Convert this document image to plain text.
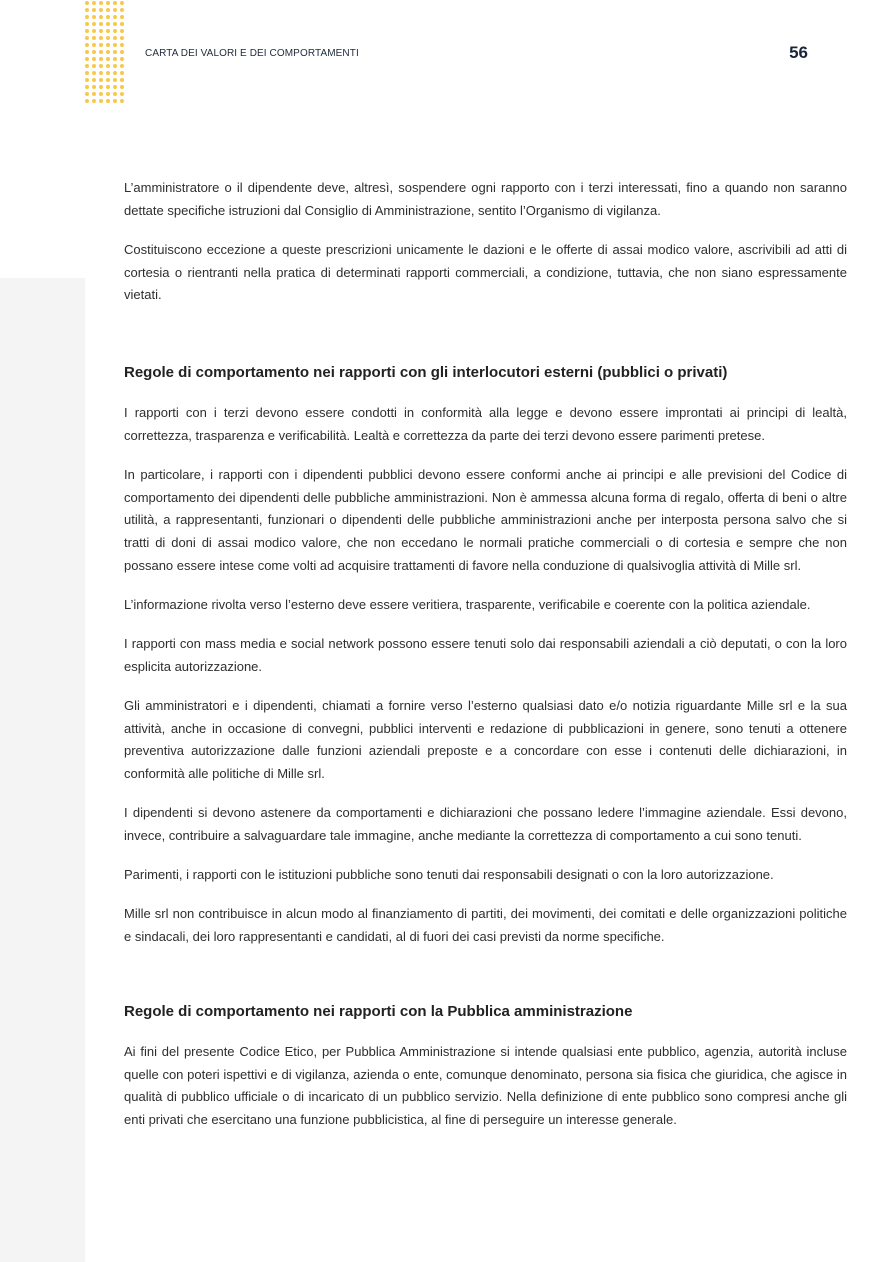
CARTA DEI VALORI E DEI COMPORTAMENTI	56

L’amministratore o il dipendente deve, altresì, sospendere ogni rapporto con i terzi interessati, fino a quando non saranno dettate specifiche istruzioni dal Consiglio di Amministrazione, sentito l’Organismo di vigilanza.

Costituiscono eccezione a queste prescrizioni unicamente le dazioni e le offerte di assai modico valore, ascrivibili ad atti di cortesia o rientranti nella pratica di determinati rapporti commerciali, a condizione, tuttavia, che non siano espressamente vietati.

Regole di comportamento nei rapporti con gli interlocutori esterni (pubblici o privati)

I rapporti con i terzi devono essere condotti in conformità alla legge e devono essere improntati ai principi di lealtà, correttezza, trasparenza e verificabilità. Lealtà e correttezza da parte dei terzi devono essere parimenti pretese.

In particolare, i rapporti con i dipendenti pubblici devono essere conformi anche ai principi e alle previsioni del Codice di comportamento dei dipendenti delle pubbliche amministrazioni. Non è ammessa alcuna forma di regalo, offerta di beni o altre utilità, a rappresentanti, funzionari o dipendenti delle pubbliche amministrazioni anche per interposta persona salvo che si tratti di doni di assai modico valore, che non eccedano le normali pratiche commerciali o di cortesia e sempre che non possano essere intese come volti ad acquisire trattamenti di favore nella conduzione di qualsivoglia attività di Mille srl.

L’informazione rivolta verso l’esterno deve essere veritiera, trasparente, verificabile e coerente con la politica aziendale.

I rapporti con mass media e social network possono essere tenuti solo dai responsabili aziendali a ciò deputati, o con la loro esplicita autorizzazione.

Gli amministratori e i dipendenti, chiamati a fornire verso l’esterno qualsiasi dato e/o notizia riguardante Mille srl e la sua attività, anche in occasione di convegni, pubblici interventi e redazione di pubblicazioni in genere, sono tenuti a ottenere preventiva autorizzazione dalle funzioni aziendali preposte e a concordare con esse i contenuti delle dichiarazioni, in conformità alle politiche di Mille srl.

I dipendenti si devono astenere da comportamenti e dichiarazioni che possano ledere l’immagine aziendale. Essi devono, invece, contribuire a salvaguardare tale immagine, anche mediante la correttezza di comportamento a cui sono tenuti.

Parimenti, i rapporti con le istituzioni pubbliche sono tenuti dai responsabili designati o con la loro autorizzazione.

Mille srl non contribuisce in alcun modo al finanziamento di partiti, dei movimenti, dei comitati e delle organizzazioni politiche e sindacali, dei loro rappresentanti e candidati, al di fuori dei casi previsti da norme specifiche.

Regole di comportamento nei rapporti con la Pubblica amministrazione

Ai fini del presente Codice Etico, per Pubblica Amministrazione si intende qualsiasi ente pubblico, agenzia, autorità incluse quelle con poteri ispettivi e di vigilanza, azienda o ente, comunque denominato, persona sia fisica che giuridica, che agisce in qualità di pubblico ufficiale o di incaricato di un pubblico servizio. Nella definizione di ente pubblico sono compresi anche gli enti privati che esercitano una funzione pubblicistica, al fine di perseguire un interesse generale.
